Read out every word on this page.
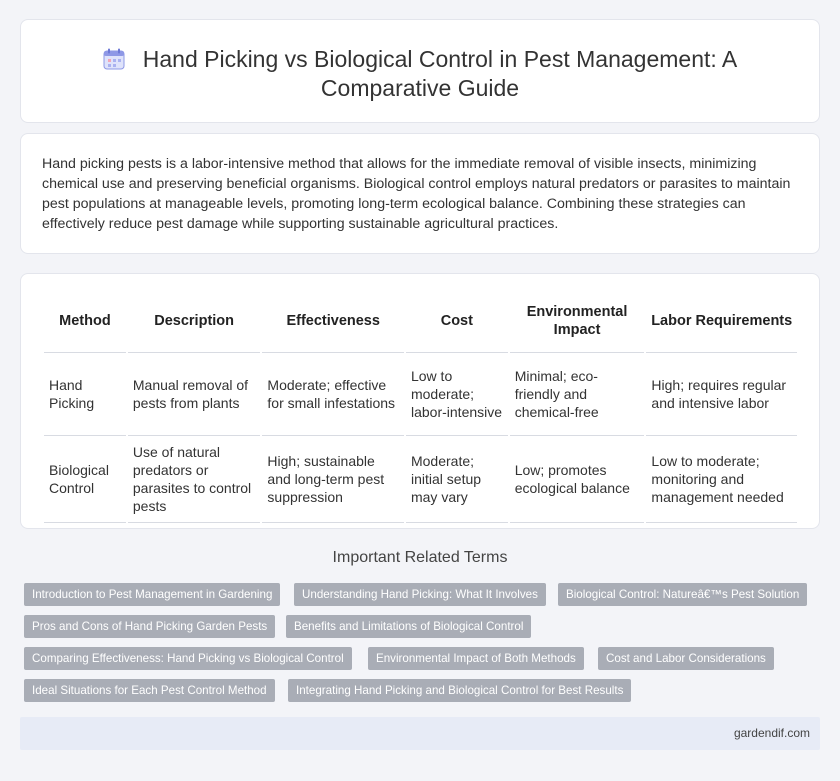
Hand Picking vs Biological Control in Pest Management: A Comparative Guide

Hand picking pests is a labor-intensive method that allows for the immediate removal of visible insects, minimizing chemical use and preserving beneficial organisms. Biological control employs natural predators or parasites to maintain pest populations at manageable levels, promoting long-term ecological balance. Combining these strategies can effectively reduce pest damage while supporting sustainable agricultural practices.

Method	Description	Effectiveness	Cost	Environmental Impact	Labor Requirements
Hand Picking	Manual removal of pests from plants	Moderate; effective for small infestations	Low to moderate; labor-intensive	Minimal; eco-friendly and chemical-free	High; requires regular and intensive labor
Biological Control	Use of natural predators or parasites to control pests	High; sustainable and long-term pest suppression	Moderate; initial setup may vary	Low; promotes ecological balance	Low to moderate; monitoring and management needed
Important Related Terms
Introduction to Pest Management in Gardening	Understanding Hand Picking: What It Involves	Biological Control: Natureâ€™s Pest Solution
Pros and Cons of Hand Picking Garden Pests	Benefits and Limitations of Biological Control
Comparing Effectiveness: Hand Picking vs Biological Control	Environmental Impact of Both Methods	Cost and Labor Considerations
Ideal Situations for Each Pest Control Method	Integrating Hand Picking and Biological Control for Best Results
gardendif.com
